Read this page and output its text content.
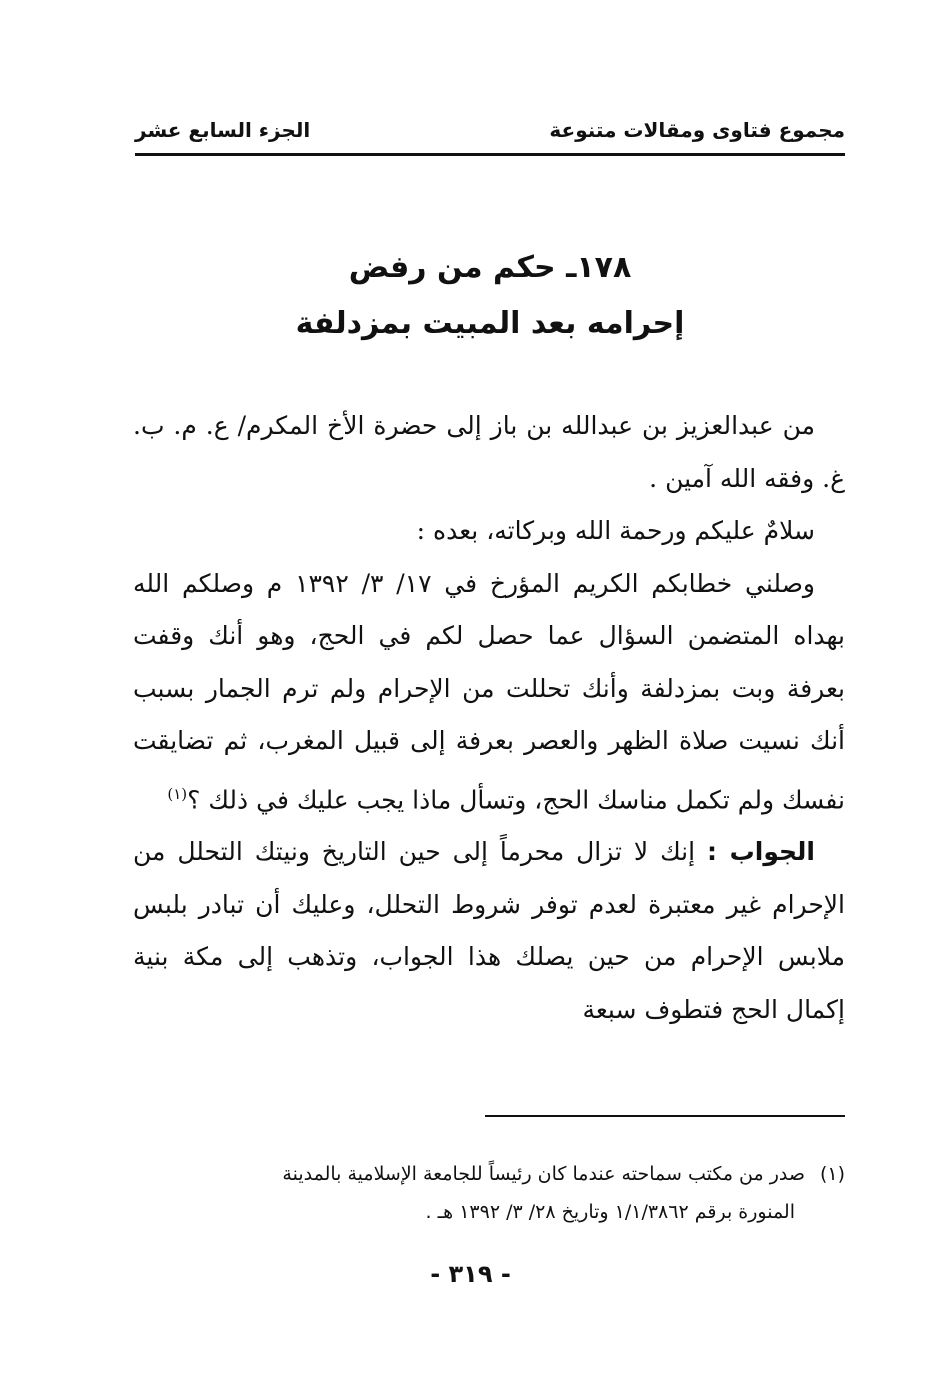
مجموع فتاوى ومقالات متنوعة
الجزء السابع عشر
١٧٨ـ حكم من رفض
إحرامه بعد المبيت بمزدلفة

من عبدالعزيز بن عبدالله بن باز إلى حضرة الأخ المكرم/ ع. م. ب. غ. وفقه الله آمين .

سلامٌ عليكم ورحمة الله وبركاته، بعده :

وصلني خطابكم الكريم المؤرخ في ١٧/ ٣/ ١٣٩٢ م وصلكم الله بهداه المتضمن السؤال عما حصل لكم في الحج، وهو أنك وقفت بعرفة وبت بمزدلفة وأنك تحللت من الإحرام ولم ترم الجمار بسبب أنك نسيت صلاة الظهر والعصر بعرفة إلى قبيل المغرب، ثم تضايقت نفسك ولم تكمل مناسك الحج، وتسأل ماذا يجب عليك في ذلك ؟$^{(١)}$

الجواب : إنك لا تزال محرماً إلى حين التاريخ ونيتك التحلل من الإحرام غير معتبرة لعدم توفر شروط التحلل، وعليك أن تبادر بلبس ملابس الإحرام من حين يصلك هذا الجواب، وتذهب إلى مكة بنية إكمال الحج فتطوف سبعة

(١)صدر من مكتب سماحته عندما كان رئيساً للجامعة الإسلامية بالمدينة
المنورة برقم ١/١/٣٨٦٢ وتاريخ ٢٨/ ٣/ ١٣٩٢ هـ .
- ٣١٩ -
